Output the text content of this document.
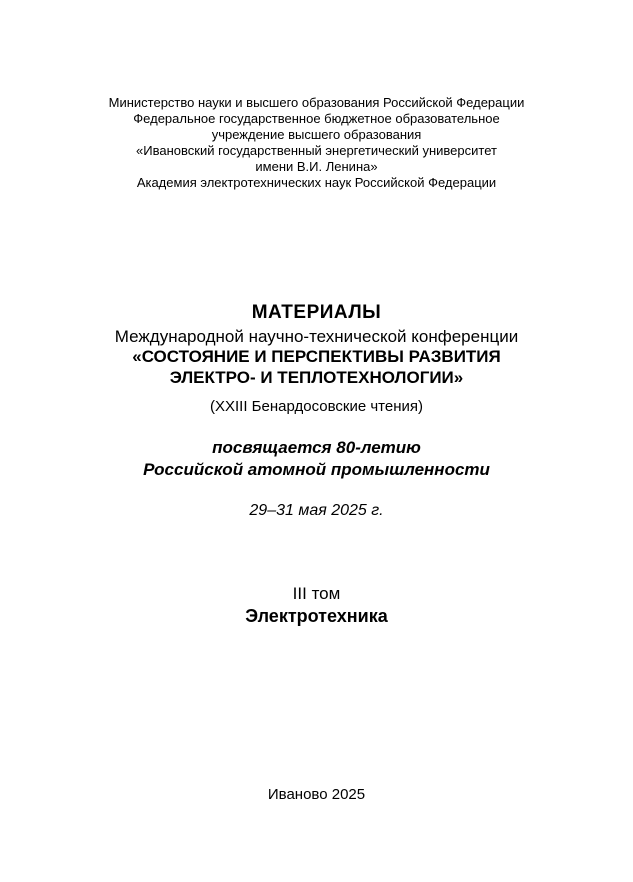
Министерство науки и высшего образования Российской Федерации
Федеральное государственное бюджетное образовательное
учреждение высшего образования
«Ивановский государственный энергетический университет
имени В.И. Ленина»
Академия электротехнических наук Российской Федерации
МАТЕРИАЛЫ
Международной научно-технической конференции
«СОСТОЯНИЕ И ПЕРСПЕКТИВЫ РАЗВИТИЯ
ЭЛЕКТРО- И ТЕПЛОТЕХНОЛОГИИ»
(XXIII Бенардосовские чтения)
посвящается 80-летию
Российской атомной промышленности
29–31 мая 2025 г.
III том
Электротехника
Иваново 2025
